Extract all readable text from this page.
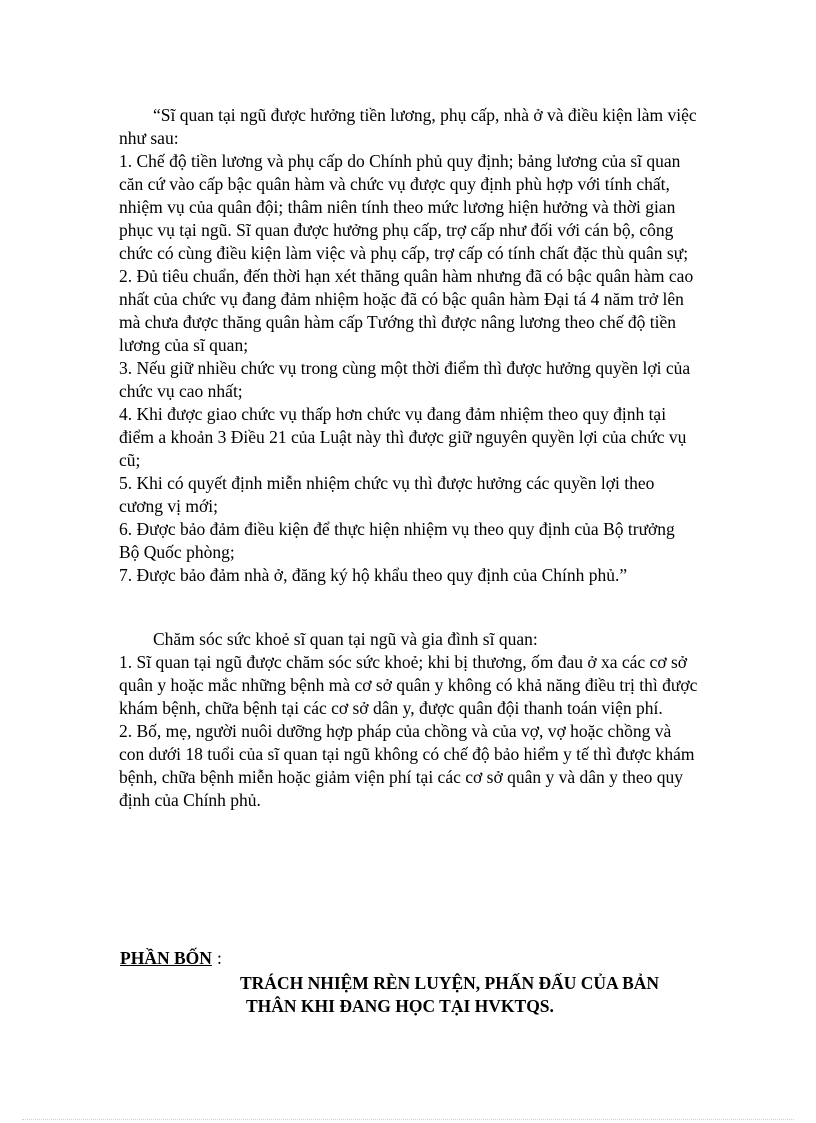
“Sĩ quan tại ngũ được hưởng tiền lương, phụ cấp, nhà ở và điều kiện làm việc như sau:

1. Chế độ tiền lương và phụ cấp do Chính phủ quy định; bảng lương của sĩ quan căn cứ vào cấp bậc quân hàm và chức vụ được quy định phù hợp với tính chất, nhiệm vụ của quân đội; thâm niên tính theo mức lương hiện hưởng và thời gian phục vụ tại ngũ. Sĩ quan được hưởng phụ cấp, trợ cấp như đối với cán bộ, công chức có cùng điều kiện làm việc và phụ cấp, trợ cấp có tính chất đặc thù quân sự;

2. Đủ tiêu chuẩn, đến thời hạn xét thăng quân hàm nhưng đã có bậc quân hàm cao nhất của chức vụ đang đảm nhiệm hoặc đã có bậc quân hàm Đại tá 4 năm trở lên mà chưa được thăng quân hàm cấp Tướng thì được nâng lương theo chế độ tiền lương của sĩ quan;

3. Nếu giữ nhiều chức vụ trong cùng một thời điểm thì được hưởng quyền lợi của chức vụ cao nhất;

4. Khi được giao chức vụ thấp hơn chức vụ đang đảm nhiệm theo quy định tại điểm a khoản 3 Điều 21 của Luật này thì được giữ nguyên quyền lợi của chức vụ cũ;

5. Khi có quyết định miễn nhiệm chức vụ thì được hưởng các quyền lợi theo cương vị mới;

6. Được bảo đảm điều kiện để thực hiện nhiệm vụ theo quy định của Bộ trưởng Bộ Quốc phòng;

7. Được bảo đảm nhà ở, đăng ký hộ khẩu theo quy định của Chính phủ.”

Chăm sóc sức khoẻ sĩ quan tại ngũ và gia đình sĩ quan:

1. Sĩ quan tại ngũ được chăm sóc sức khoẻ; khi bị thương, ốm đau ở xa các cơ sở quân y hoặc mắc những bệnh mà cơ sở quân y không có khả năng điều trị thì được khám bệnh, chữa bệnh tại các cơ sở dân y, được quân đội thanh toán viện phí.

2. Bố, mẹ, người nuôi dưỡng hợp pháp của chồng và của vợ, vợ hoặc chồng và con dưới 18 tuổi của sĩ quan tại ngũ không có chế độ bảo hiểm y tế thì được khám bệnh, chữa bệnh miễn hoặc giảm viện phí tại các cơ sở quân y và dân y theo quy định của Chính phủ.

PHẦN BỐN :
TRÁCH NHIỆM RÈN LUYỆN, PHẤN ĐẤU CỦA BẢN
THÂN KHI ĐANG HỌC TẠI HVKTQS.
